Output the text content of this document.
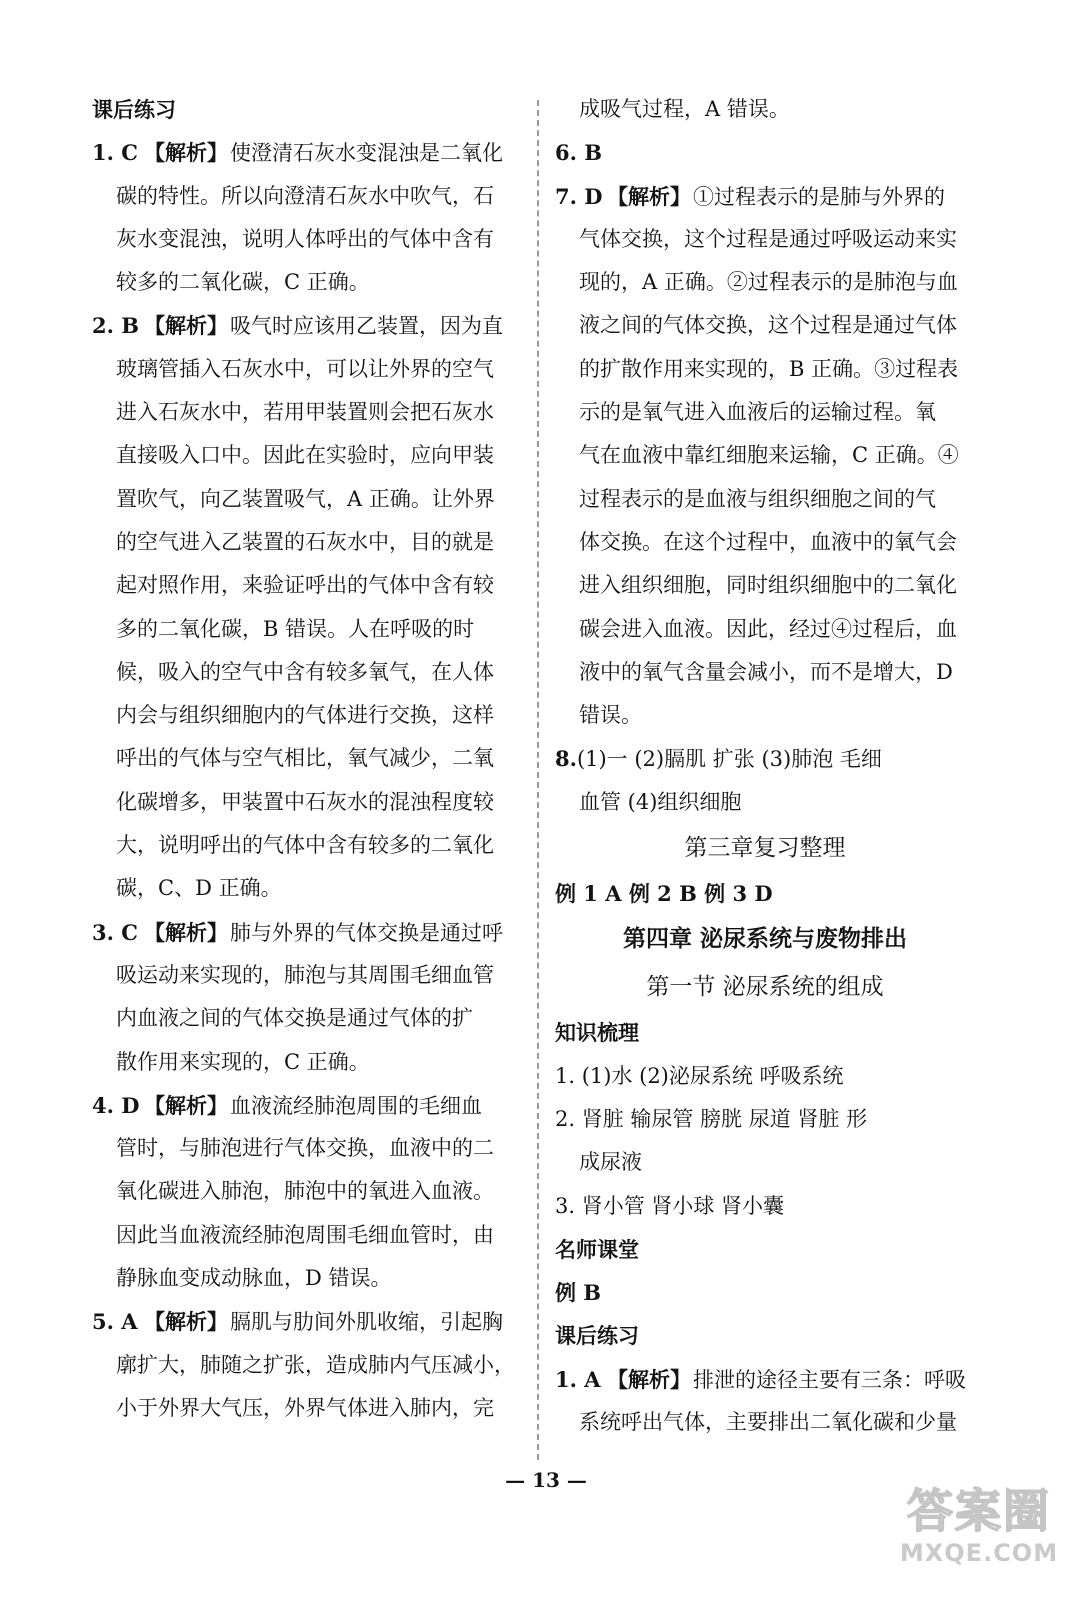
课后练习
1. C 【解析】使澄清石灰水变混浊是二氧化
碳的特性。所以向澄清石灰水中吹气，石
灰水变混浊，说明人体呼出的气体中含有
较多的二氧化碳，C 正确。
2. B 【解析】吸气时应该用乙装置，因为直
玻璃管插入石灰水中，可以让外界的空气
进入石灰水中，若用甲装置则会把石灰水
直接吸入口中。因此在实验时，应向甲装
置吹气，向乙装置吸气，A 正确。让外界
的空气进入乙装置的石灰水中，目的就是
起对照作用，来验证呼出的气体中含有较
多的二氧化碳，B 错误。人在呼吸的时
候，吸入的空气中含有较多氧气，在人体
内会与组织细胞内的气体进行交换，这样
呼出的气体与空气相比，氧气减少，二氧
化碳增多，甲装置中石灰水的混浊程度较
大，说明呼出的气体中含有较多的二氧化
碳，C、D 正确。
3. C 【解析】肺与外界的气体交换是通过呼
吸运动来实现的，肺泡与其周围毛细血管
内血液之间的气体交换是通过气体的扩
散作用来实现的，C 正确。
4. D 【解析】血液流经肺泡周围的毛细血
管时，与肺泡进行气体交换，血液中的二
氧化碳进入肺泡，肺泡中的氧进入血液。
因此当血液流经肺泡周围毛细血管时，由
静脉血变成动脉血，D 错误。
5. A 【解析】膈肌与肋间外肌收缩，引起胸
廓扩大，肺随之扩张，造成肺内气压减小，
小于外界大气压，外界气体进入肺内，完
成吸气过程，A 错误。
6. B
7. D 【解析】①过程表示的是肺与外界的
气体交换，这个过程是通过呼吸运动来实
现的，A 正确。②过程表示的是肺泡与血
液之间的气体交换，这个过程是通过气体
的扩散作用来实现的，B 正确。③过程表
示的是氧气进入血液后的运输过程。氧
气在血液中靠红细胞来运输，C 正确。④
过程表示的是血液与组织细胞之间的气
体交换。在这个过程中，血液中的氧气会
进入组织细胞，同时组织细胞中的二氧化
碳会进入血液。因此，经过④过程后，血
液中的氧气含量会减小，而不是增大，D
错误。
8.(1)一 (2)膈肌 扩张 (3)肺泡 毛细
血管 (4)组织细胞
第三章复习整理
例 1 A 例 2 B 例 3 D
第四章 泌尿系统与废物排出
第一节 泌尿系统的组成
知识梳理
1. (1)水 (2)泌尿系统 呼吸系统
2. 肾脏 输尿管 膀胱 尿道 肾脏 形
成尿液
3. 肾小管 肾小球 肾小囊
名师课堂
例 B
课后练习
1. A 【解析】排泄的途径主要有三条：呼吸
系统呼出气体，主要排出二氧化碳和少量
— 13 —
答案圈
MXQE.COM
